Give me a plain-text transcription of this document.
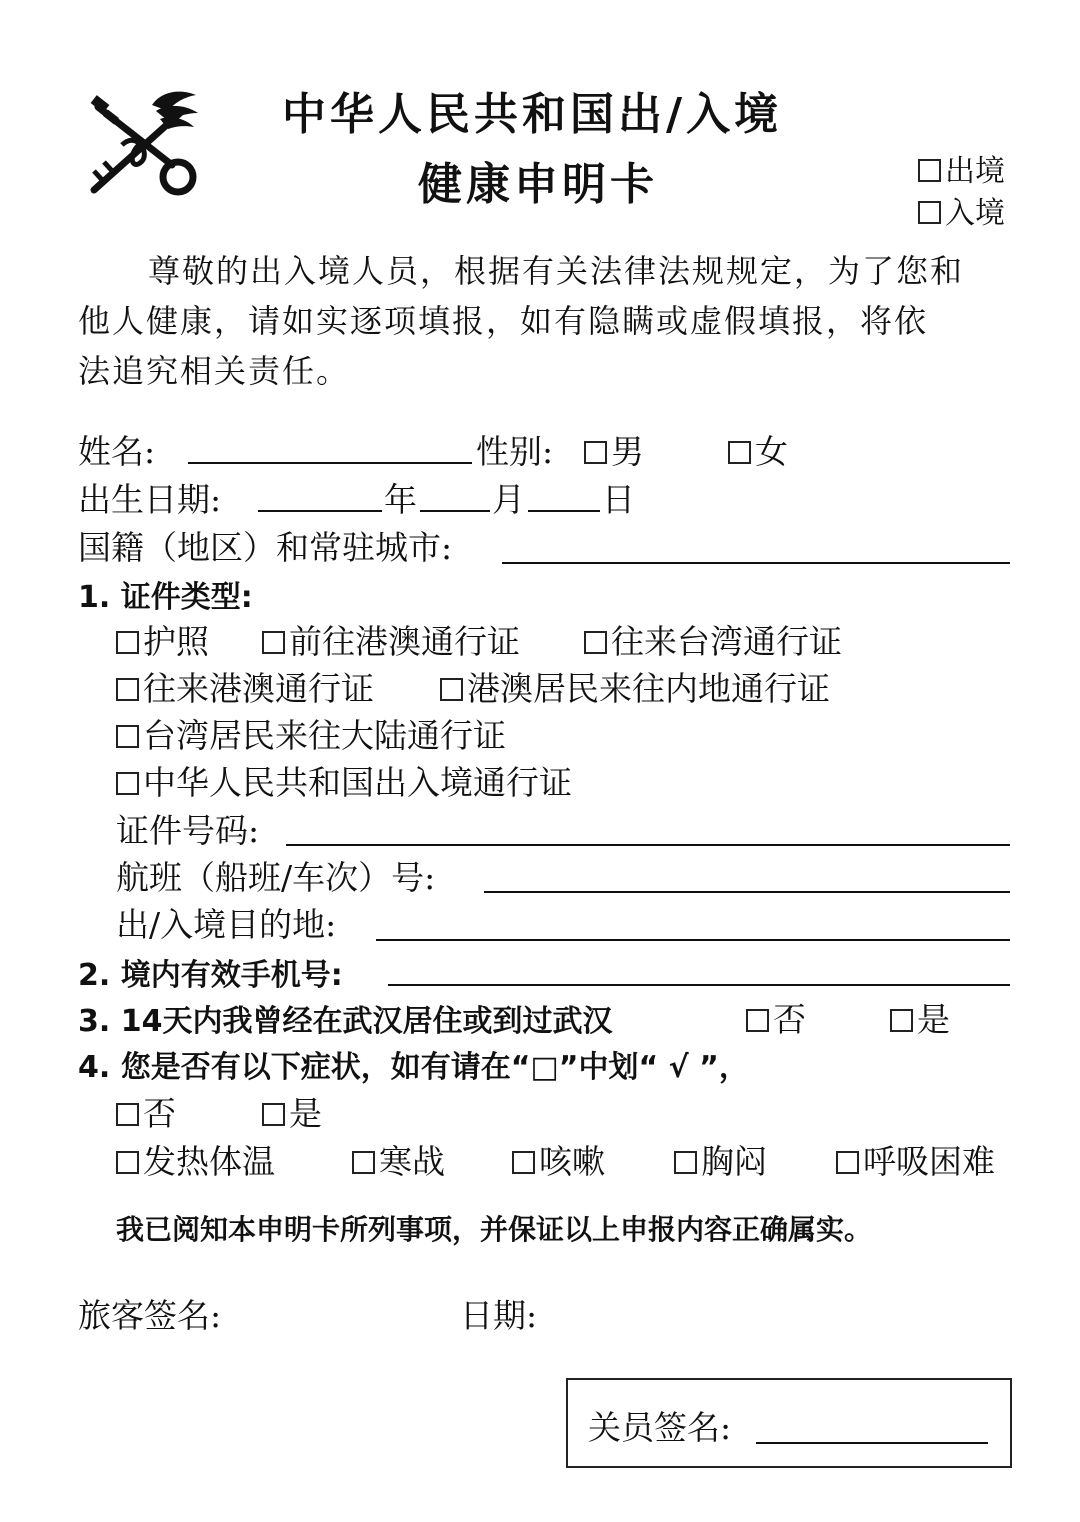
中华人民共和国出/入境
健康申明卡	出境
入境
尊敬的出入境人员，根据有关法律法规规定，为了您和
他人健康，请如实逐项填报，如有隐瞒或虚假填报，将依
法追究相关责任。
姓名:	性别:	男	女
出生日期:	年 月 日
国籍（地区）和常驻城市:
1. 证件类型:
护照	前往港澳通行证	往来台湾通行证
往来港澳通行证	港澳居民来往内地通行证
台湾居民来往大陆通行证
中华人民共和国出入境通行证
证件号码:
航班（船班/车次）号:
出/入境目的地:
2. 境内有效手机号:
3. 14天内我曾经在武汉居住或到过武汉	否	是
4. 您是否有以下症状，如有请在“□”中划“ √ ”，
否	是
发热体温	寒战	咳嗽	胸闷	呼吸困难
我已阅知本申明卡所列事项，并保证以上申报内容正确属实。
旅客签名:	日期:
关员签名:
